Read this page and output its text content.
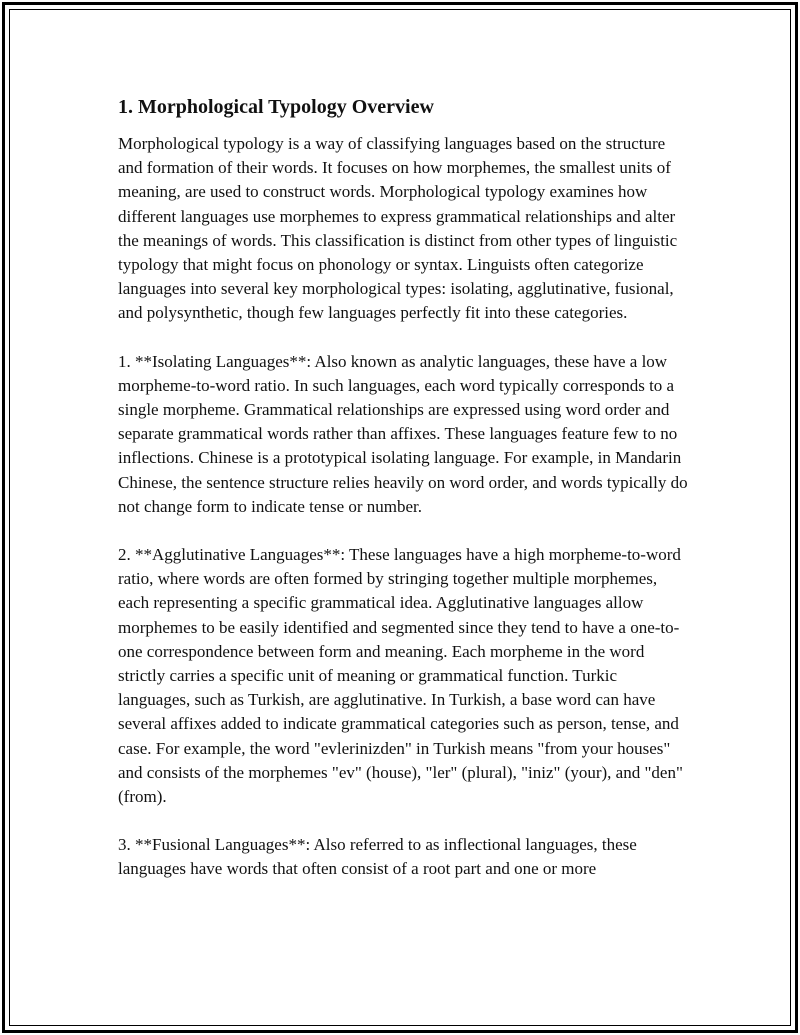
1. Morphological Typology Overview

Morphological typology is a way of classifying languages based on the structure and formation of their words. It focuses on how morphemes, the smallest units of meaning, are used to construct words. Morphological typology examines how different languages use morphemes to express grammatical relationships and alter the meanings of words. This classification is distinct from other types of linguistic typology that might focus on phonology or syntax. Linguists often categorize languages into several key morphological types: isolating, agglutinative, fusional, and polysynthetic, though few languages perfectly fit into these categories.

1. **Isolating Languages**: Also known as analytic languages, these have a low morpheme-to-word ratio. In such languages, each word typically corresponds to a single morpheme. Grammatical relationships are expressed using word order and separate grammatical words rather than affixes. These languages feature few to no inflections. Chinese is a prototypical isolating language. For example, in Mandarin Chinese, the sentence structure relies heavily on word order, and words typically do not change form to indicate tense or number.

2. **Agglutinative Languages**: These languages have a high morpheme-to-word ratio, where words are often formed by stringing together multiple morphemes, each representing a specific grammatical idea. Agglutinative languages allow morphemes to be easily identified and segmented since they tend to have a one-to-one correspondence between form and meaning. Each morpheme in the word strictly carries a specific unit of meaning or grammatical function. Turkic languages, such as Turkish, are agglutinative. In Turkish, a base word can have several affixes added to indicate grammatical categories such as person, tense, and case. For example, the word "evlerinizden" in Turkish means "from your houses" and consists of the morphemes "ev" (house), "ler" (plural), "iniz" (your), and "den" (from).

3. **Fusional Languages**: Also referred to as inflectional languages, these languages have words that often consist of a root part and one or more
